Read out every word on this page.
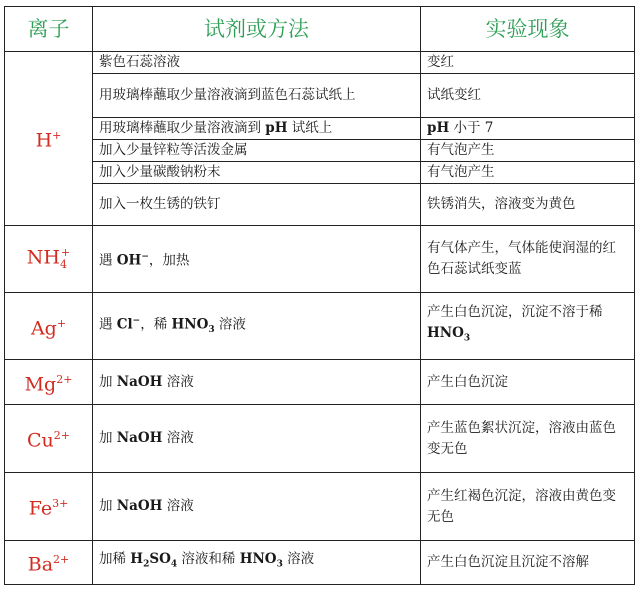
离子	试剂或方法	实验现象
H+	紫色石蕊溶液	变红
	用玻璃棒蘸取少量溶液滴到蓝色石蕊试纸上	试纸变红
	用玻璃棒蘸取少量溶液滴到 pH 试纸上	pH 小于 7
	加入少量锌粒等活泼金属	有气泡产生
	加入少量碳酸钠粉末	有气泡产生
	加入一枚生锈的铁钉	铁锈消失，溶液变为黄色
$NH_4^+$	遇 OH−，加热	有气体产生，气体能使润湿的红色石蕊试纸变蓝
Ag+	遇 Cl−，稀 $HNO_3$ 溶液	产生白色沉淀，沉淀不溶于稀 $HNO_3$
$Mg^{2+}$	加 NaOH 溶液	产生白色沉淀
$Cu^{2+}$	加 NaOH 溶液	产生蓝色絮状沉淀，溶液由蓝色变无色
$Fe^{3+}$	加 NaOH 溶液	产生红褐色沉淀，溶液由黄色变无色
$Ba^{2+}$	加稀 $H_2SO_4$ 溶液和稀 $HNO_3$ 溶液	产生白色沉淀且沉淀不溶解
